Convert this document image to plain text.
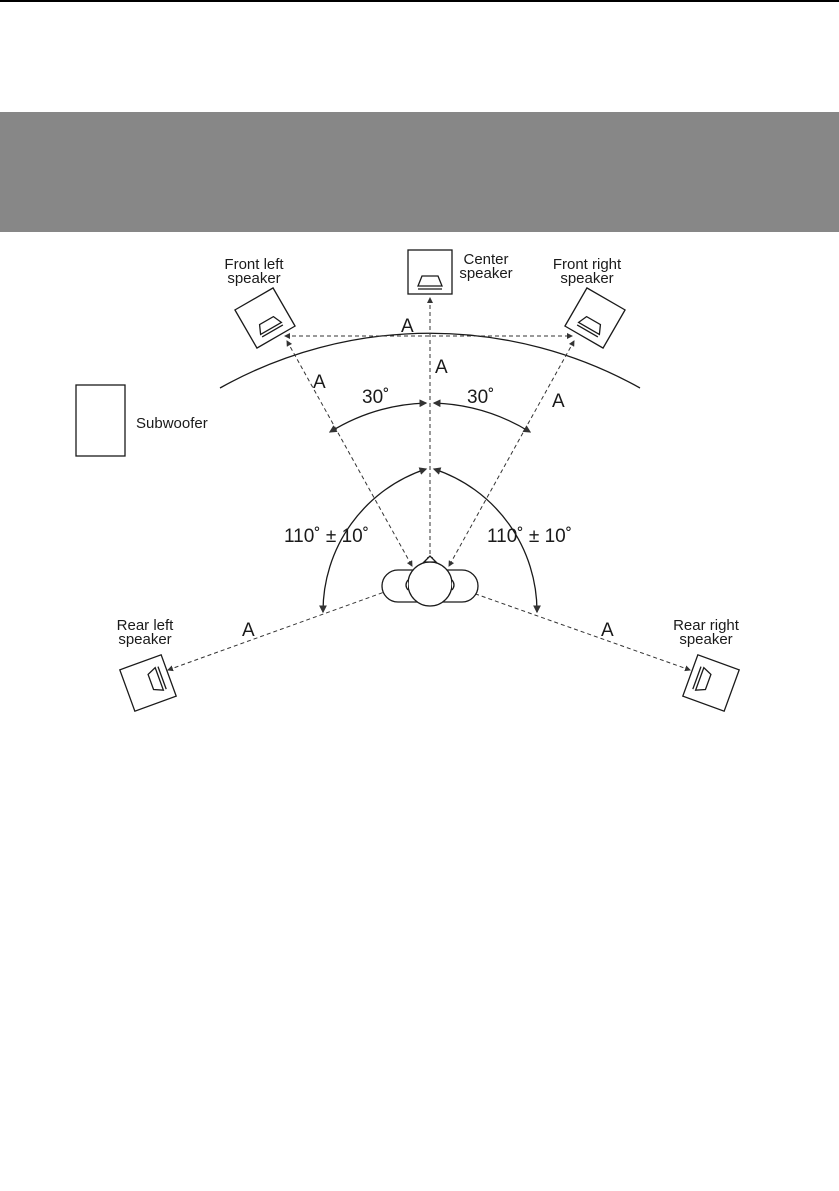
Front left
speaker
Center
speaker
Front right
speaker
Subwoofer
Rear left
speaker
Rear right
speaker
A
A
A
A
A	A
30˚	30˚
110˚ ± 10˚	110˚ ± 10˚
